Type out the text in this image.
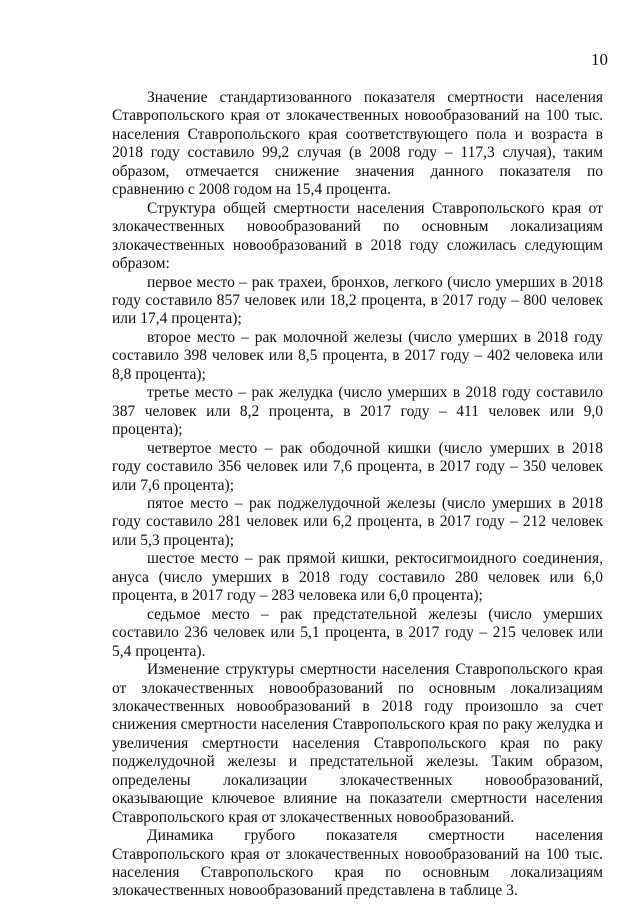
10

Значение стандартизованного показателя смертности населения Ставропольского края от злокачественных новообразований на 100 тыс. населения Ставропольского края соответствующего пола и возраста в 2018 году составило 99,2 случая (в 2008 году – 117,3 случая), таким образом, отмечается снижение значения данного показателя по сравнению с 2008 годом на 15,4 процента.

Структура общей смертности населения Ставропольского края от злокачественных новообразований по основным локализациям злокачественных новообразований в 2018 году сложилась следующим образом:

первое место – рак трахеи, бронхов, легкого (число умерших в 2018 году составило 857 человек или 18,2 процента, в 2017 году – 800 человек или 17,4 процента);

второе место – рак молочной железы (число умерших в 2018 году составило 398 человек или 8,5 процента, в 2017 году – 402 человека или 8,8 процента);

третье место – рак желудка (число умерших в 2018 году составило 387 человек или 8,2 процента, в 2017 году – 411 человек или 9,0 процента);

четвертое место – рак ободочной кишки (число умерших в 2018 году составило 356 человек или 7,6 процента, в 2017 году – 350 человек или 7,6 процента);

пятое место – рак поджелудочной железы (число умерших в 2018 году составило 281 человек или 6,2 процента, в 2017 году – 212 человек или 5,3 процента);

шестое место – рак прямой кишки, ректосигмоидного соединения, ануса (число умерших в 2018 году составило 280 человек или 6,0 процента, в 2017 году – 283 человека или 6,0 процента);

седьмое место – рак предстательной железы (число умерших составило 236 человек или 5,1 процента, в 2017 году – 215 человек или 5,4 процента).

Изменение структуры смертности населения Ставропольского края от злокачественных новообразований по основным локализациям злокачественных новообразований в 2018 году произошло за счет снижения смертности населения Ставропольского края по раку желудка и увеличения смертности населения Ставропольского края по раку поджелудочной железы и предстательной железы. Таким образом, определены локализации злокачественных новообразований, оказывающие ключевое влияние на показатели смертности населения Ставропольского края от злокачественных новообразований.

Динамика грубого показателя смертности населения Ставропольского края от злокачественных новообразований на 100 тыс. населения Ставропольского края по основным локализациям злокачественных новообразований представлена в таблице 3.
